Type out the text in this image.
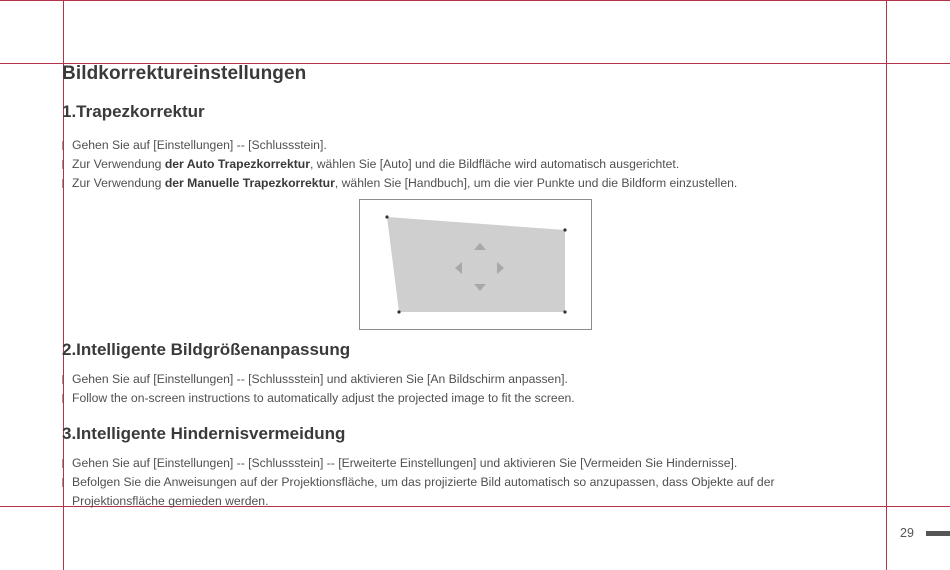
Bildkorrektureinstellungen
1.Trapezkorrektur
Gehen Sie auf [Einstellungen] -- [Schlussstein].
Zur Verwendung der Auto Trapezkorrektur, wählen Sie [Auto] und die Bildfläche wird automatisch ausgerichtet.
Zur Verwendung der Manuelle Trapezkorrektur, wählen Sie [Handbuch], um die vier Punkte und die Bildform einzustellen.
2.Intelligente Bildgrößenanpassung
Gehen Sie auf [Einstellungen] -- [Schlussstein] und aktivieren Sie [An Bildschirm anpassen].
Follow the on-screen instructions to automatically adjust the projected image to fit the screen.
3.Intelligente Hindernisvermeidung
Gehen Sie auf [Einstellungen] -- [Schlussstein] -- [Erweiterte Einstellungen] und aktivieren Sie [Vermeiden Sie Hindernisse].
Befolgen Sie die Anweisungen auf der Projektionsfläche, um das projizierte Bild automatisch so anzupassen, dass Objekte auf der Projektionsfläche gemieden werden.
29
